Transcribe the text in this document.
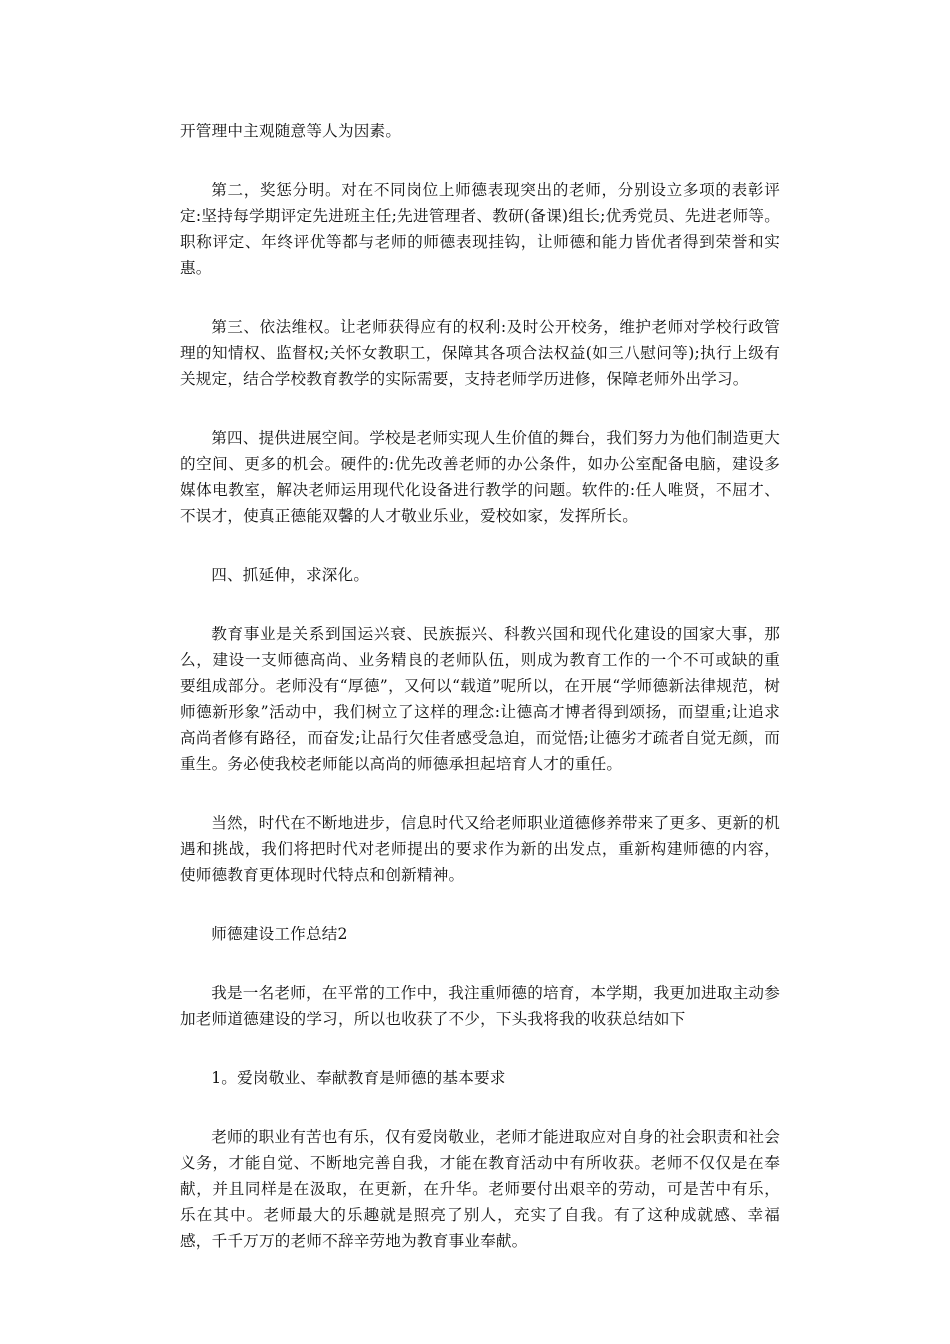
开管理中主观随意等人为因素。

第二，奖惩分明。对在不同岗位上师德表现突出的老师，分别设立多项的表彰评定:坚持每学期评定先进班主任;先进管理者、教研(备课)组长;优秀党员、先进老师等。职称评定、年终评优等都与老师的师德表现挂钩，让师德和能力皆优者得到荣誉和实惠。

第三、依法维权。让老师获得应有的权利:及时公开校务，维护老师对学校行政管理的知情权、监督权;关怀女教职工，保障其各项合法权益(如三八慰问等);执行上级有关规定，结合学校教育教学的实际需要，支持老师学历进修，保障老师外出学习。

第四、提供进展空间。学校是老师实现人生价值的舞台，我们努力为他们制造更大的空间、更多的机会。硬件的:优先改善老师的办公条件，如办公室配备电脑，建设多媒体电教室，解决老师运用现代化设备进行教学的问题。软件的:任人唯贤，不屈才、不误才，使真正德能双馨的人才敬业乐业，爱校如家，发挥所长。

四、抓延伸，求深化。

教育事业是关系到国运兴衰、民族振兴、科教兴国和现代化建设的国家大事，那么，建设一支师德高尚、业务精良的老师队伍，则成为教育工作的一个不可或缺的重要组成部分。老师没有“厚德”，又何以“载道”呢所以，在开展“学师德新法律规范，树师德新形象”活动中，我们树立了这样的理念:让德高才博者得到颂扬，而望重;让追求高尚者修有路径，而奋发;让品行欠佳者感受急迫，而觉悟;让德劣才疏者自觉无颜，而重生。务必使我校老师能以高尚的师德承担起培育人才的重任。

当然，时代在不断地进步，信息时代又给老师职业道德修养带来了更多、更新的机遇和挑战，我们将把时代对老师提出的要求作为新的出发点，重新构建师德的内容，使师德教育更体现时代特点和创新精神。

师德建设工作总结2

我是一名老师，在平常的工作中，我注重师德的培育，本学期，我更加进取主动参加老师道德建设的学习，所以也收获了不少，下头我将我的收获总结如下

1。爱岗敬业、奉献教育是师德的基本要求

老师的职业有苦也有乐，仅有爱岗敬业，老师才能进取应对自身的社会职责和社会义务，才能自觉、不断地完善自我，才能在教育活动中有所收获。老师不仅仅是在奉献，并且同样是在汲取，在更新，在升华。老师要付出艰辛的劳动，可是苦中有乐，乐在其中。老师最大的乐趣就是照亮了别人，充实了自我。有了这种成就感、幸福感，千千万万的老师不辞辛劳地为教育事业奉献。
